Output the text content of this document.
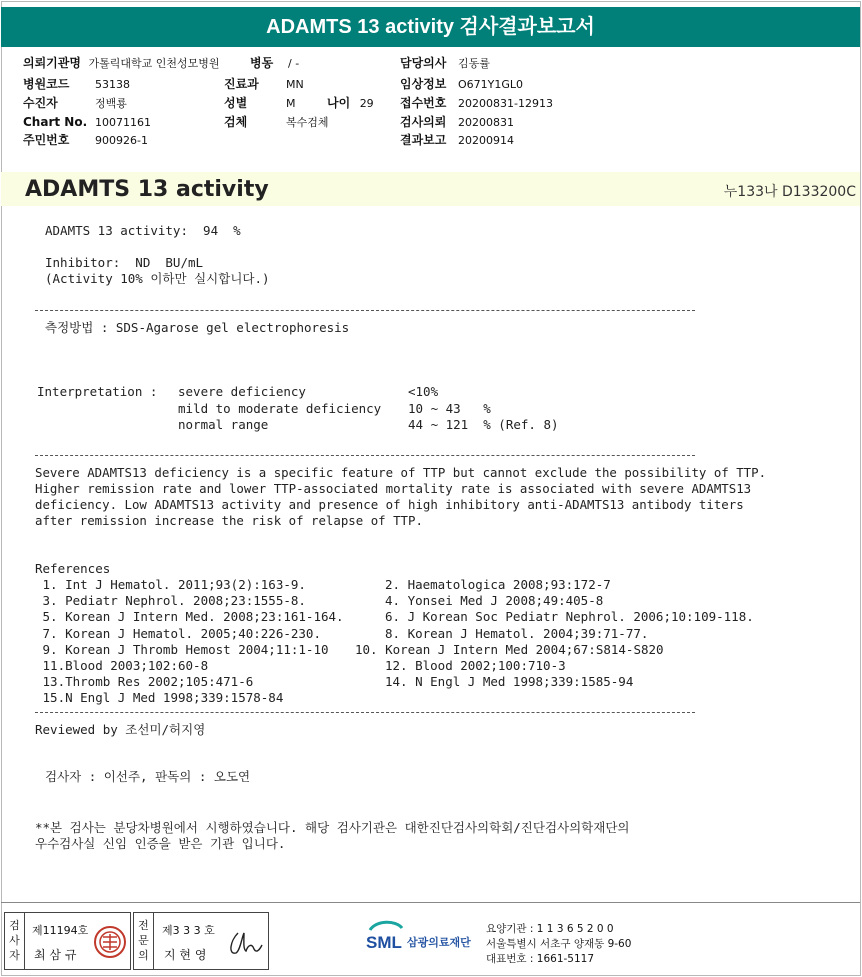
ADAMTS 13 activity 검사결과보고서
의뢰기관명 가톨릭대학교 인천성모병원
병원코드 53138
수진자	정백룡
Chart No. 10071161
주민번호 900926-1
병동 / -
진료과 MN
성별	M	나이 29
검체	복수검체
담당의사 김동률
임상정보 O671Y1GL0
접수번호 20200831-12913
검사의뢰 20200831
결과보고 20200914
ADAMTS 13 activity	누133나 D133200C
ADAMTS 13 activity:  94  %
Inhibitor:  ND  BU/mL
(Activity 10% 이하만 실시합니다.)
측정방법 : SDS-Agarose gel electrophoresis
Interpretation : severe deficiency	<10%
mild to moderate deficiency 10 ~ 43   %
normal range	44 ~ 121  % (Ref. 8)
Severe ADAMTS13 deficiency is a specific feature of TTP but cannot exclude the possibility of TTP.
Higher remission rate and lower TTP-associated mortality rate is associated with severe ADAMTS13
deficiency. Low ADAMTS13 activity and presence of high inhibitory anti-ADAMTS13 antibody titers
after remission increase the risk of relapse of TTP.
References
1. Int J Hematol. 2011;93(2):163-9.	2. Haematologica 2008;93:172-7
3. Pediatr Nephrol. 2008;23:1555-8.	4. Yonsei Med J 2008;49:405-8
5. Korean J Intern Med. 2008;23:161-164.	6. J Korean Soc Pediatr Nephrol. 2006;10:109-118.
7. Korean J Hematol. 2005;40:226-230.	8. Korean J Hematol. 2004;39:71-77.
9. Korean J Thromb Hemost 2004;11:1-10 10. Korean J Intern Med 2004;67:S814-S820
11.Blood 2003;102:60-8	12. Blood 2002;100:710-3
13.Thromb Res 2002;105:471-6	14. N Engl J Med 1998;339:1585-94
15.N Engl J Med 1998;339:1578-84
Reviewed by 조선미/허지영
검사자 : 이선주, 판독의 : 오도연
**본 검사는 분당차병원에서 시행하였습니다. 해당 검사기관은 대한진단검사의학회/진단검사의학재단의
우수검사실 신임 인증을 받은 기관 입니다.
검
사
자
제11194호
최 삼 규
전
문
의
제3 3 3 호
지 현 영
SML 삼광의료재단
요양기관 : 1 1 3 6 5 2 0 0
서울특별시 서초구 양재동 9-60
대표번호 : 1661-5117
